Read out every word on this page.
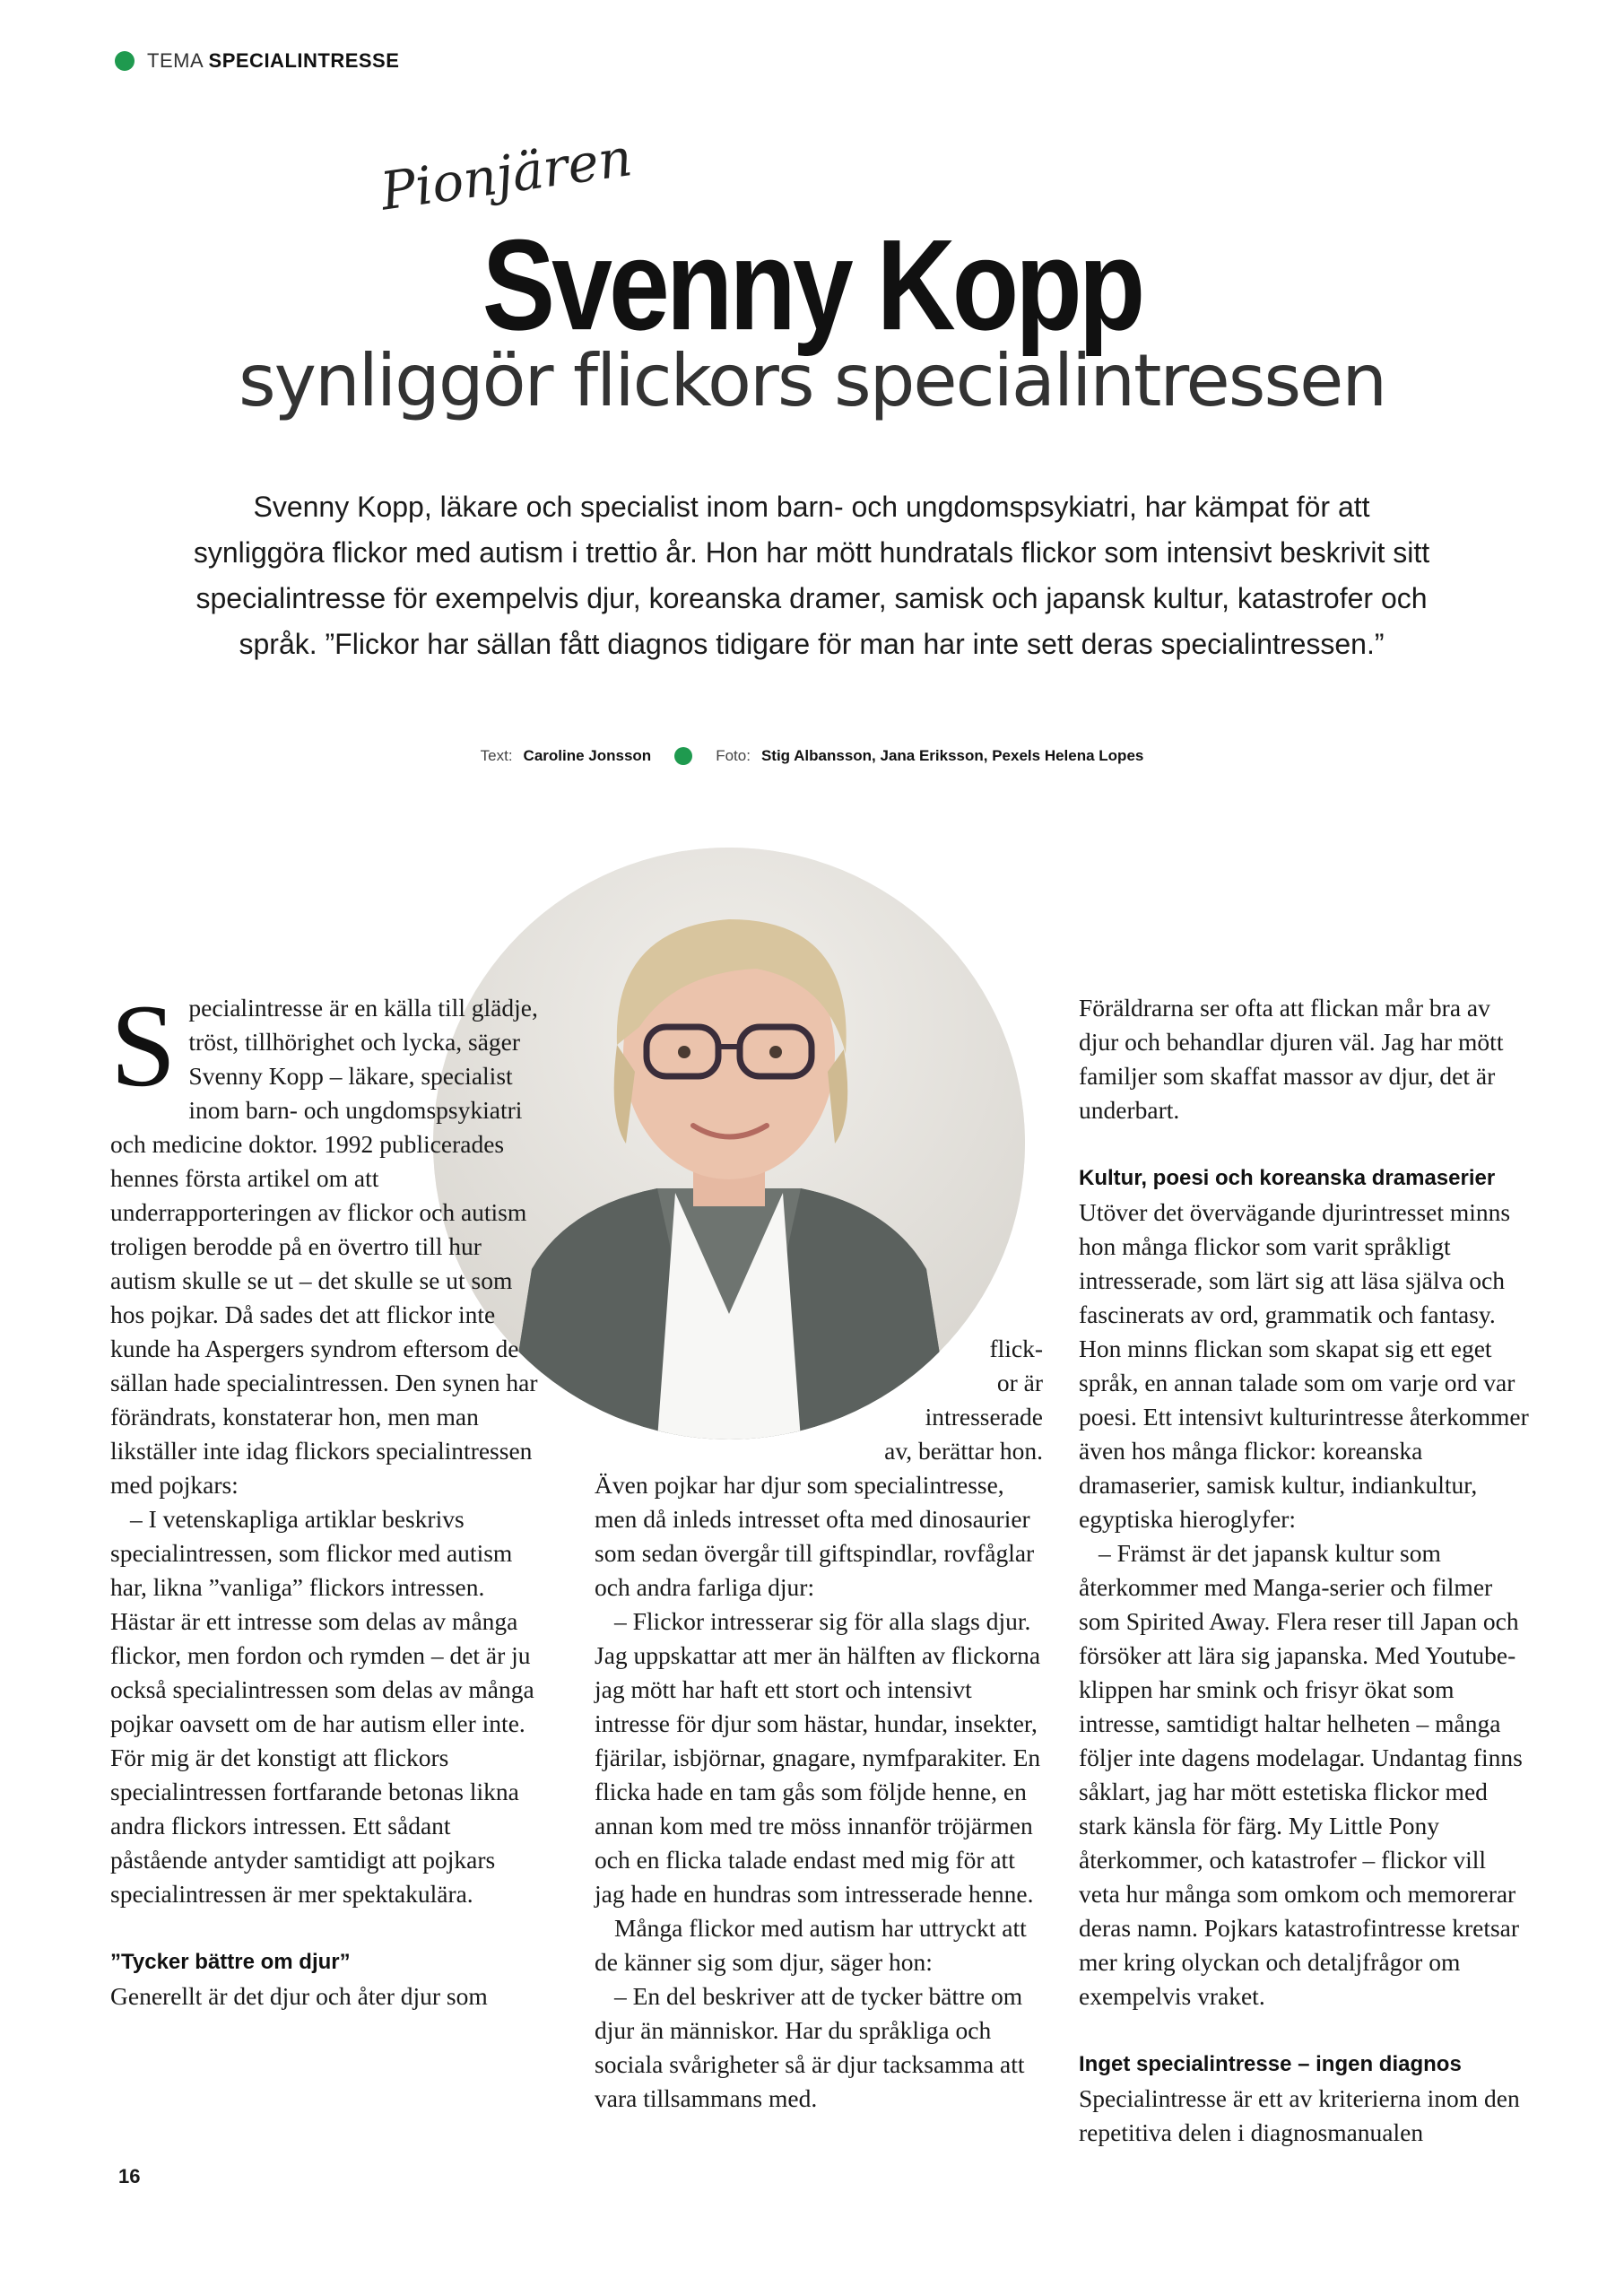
TEMA SPECIALINTRESSE
Pionjären
Svenny Kopp
synliggör flickors specialintressen
Svenny Kopp, läkare och specialist inom barn- och ungdomspsykiatri, har kämpat för att synliggöra flickor med autism i trettio år. Hon har mött hundratals flickor som intensivt beskrivit sitt specialintresse för exempelvis djur, koreanska dramer, samisk och japansk kultur, katastrofer och språk. ”Flickor har sällan fått diagnos tidigare för man har inte sett deras specialintressen.”
Text: Caroline Jonsson	Foto: Stig Albansson, Jana Eriksson, Pexels Helena Lopes
S pecialintresse är en källa till glädje, tröst, tillhörighet och lycka, säger Svenny Kopp – läkare, specialist inom barn- och ungdomspsykiatri och medicine doktor. 1992 publicerades hennes första artikel om att underrapporteringen av flickor och autism troligen berodde på en övertro till hur autism skulle se ut – det skulle se ut som hos pojkar. Då sades det att flickor inte kunde ha Aspergers syndrom eftersom de sällan hade specialintressen. Den synen har förändrats, konstaterar hon, men man likställer inte idag flickors specialintressen med pojkars:

– I vetenskapliga artiklar beskrivs specialintressen, som flickor med autism har, likna ”vanliga” flickors intressen. Hästar är ett intresse som delas av många flickor, men fordon och rymden – det är ju också specialintressen som delas av många pojkar oavsett om de har autism eller inte. För mig är det konstigt att flickors specialintressen fortfarande betonas likna andra flickors intressen. Ett sådant påstående antyder samtidigt att pojkars specialintressen är mer spektakulära.

”Tycker bättre om djur”

Generellt är det djur och åter djur som

flick-
or är
intresserade
av, berättar hon.

Även pojkar har djur som specialintresse, men då inleds intresset ofta med dinosaurier som sedan övergår till giftspindlar, rovfåglar och andra farliga djur:

– Flickor intresserar sig för alla slags djur. Jag uppskattar att mer än hälften av flickorna jag mött har haft ett stort och intensivt intresse för djur som hästar, hundar, insekter, fjärilar, isbjörnar, gnagare, nymfparakiter. En flicka hade en tam gås som följde henne, en annan kom med tre möss innanför tröjärmen och en flicka talade endast med mig för att jag hade en hundras som intresserade henne.

Många flickor med autism har uttryckt att de känner sig som djur, säger hon:

– En del beskriver att de tycker bättre om djur än människor. Har du språkliga och sociala svårigheter så är djur tacksamma att vara tillsammans med.

Föräldrarna ser ofta att flickan mår bra av djur och behandlar djuren väl. Jag har mött familjer som skaffat massor av djur, det är underbart.

Kultur, poesi och koreanska dramaserier

Utöver det övervägande djurintresset minns hon många flickor som varit språkligt intresserade, som lärt sig att läsa själva och fascinerats av ord, grammatik och fantasy. Hon minns flickan som skapat sig ett eget språk, en annan talade som om varje ord var poesi. Ett intensivt kulturintresse återkommer även hos många flickor: koreanska dramaserier, samisk kultur, indiankultur, egyptiska hieroglyfer:

– Främst är det japansk kultur som återkommer med Manga-serier och filmer som Spirited Away. Flera reser till Japan och försöker att lära sig japanska. Med Youtube-klippen har smink och frisyr ökat som intresse, samtidigt haltar helheten – många följer inte dagens modelagar. Undantag finns såklart, jag har mött estetiska flickor med stark känsla för färg. My Little Pony återkommer, och katastrofer – flickor vill veta hur många som omkom och memorerar deras namn. Pojkars katastrofintresse kretsar mer kring olyckan och detaljfrågor om exempelvis vraket.

Inget specialintresse – ingen diagnos

Specialintresse är ett av kriterierna inom den repetitiva delen i diagnosmanualen

16
